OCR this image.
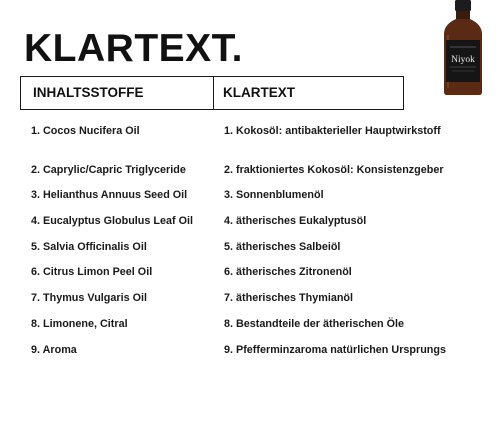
KLARTEXT.
INHALTSSTOFFE	KLARTEXT
1. Cocos Nucifera Oil	1. Kokosöl: antibakterieller Hauptwirkstoff
2. Caprylic/Capric Triglyceride	2. fraktioniertes Kokosöl: Konsistenzgeber
3. Helianthus Annuus Seed Oil	3. Sonnenblumenöl
4. Eucalyptus Globulus Leaf Oil	4. ätherisches Eukalyptusöl
5. Salvia Officinalis Oil	5. ätherisches Salbeiöl
6. Citrus Limon Peel Oil	6. ätherisches Zitronenöl
7. Thymus Vulgaris Oil	7. ätherisches Thymianöl
8. Limonene, Citral	8. Bestandteile der ätherischen Öle
9. Aroma	9. Pfefferminzaroma natürlichen Ursprungs
Niyok
